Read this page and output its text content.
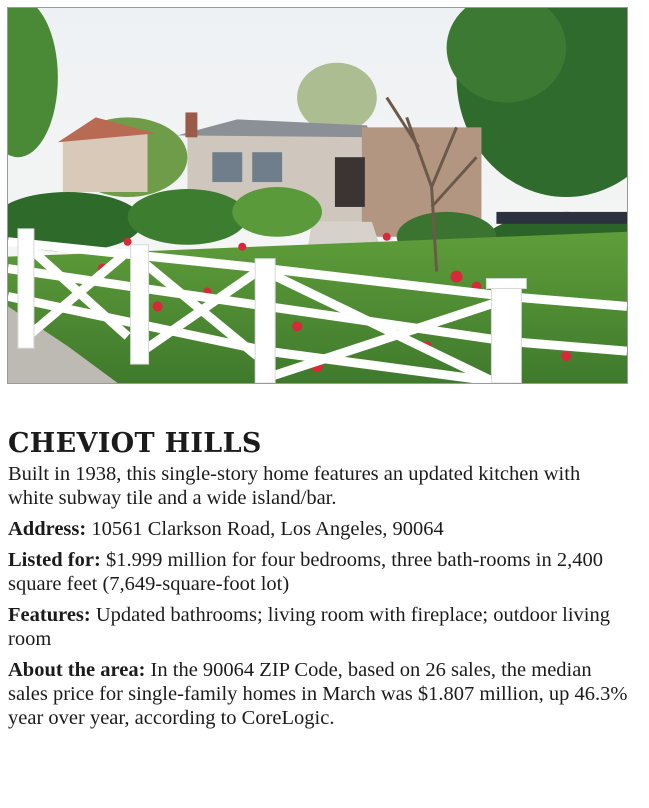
CHEVIOT HILLS

Built in 1938, this single-story home features an updated kitchen with white subway tile and a wide island/bar.

Address: 10561 Clarkson Road, Los Angeles, 90064

Listed for: $1.999 million for four bedrooms, three bath-rooms in 2,400 square feet (7,649-square-foot lot)

Features: Updated bathrooms; living room with fireplace; outdoor living room

About the area: In the 90064 ZIP Code, based on 26 sales, the median sales price for single-family homes in March was $1.807 million, up 46.3% year over year, according to CoreLogic.
